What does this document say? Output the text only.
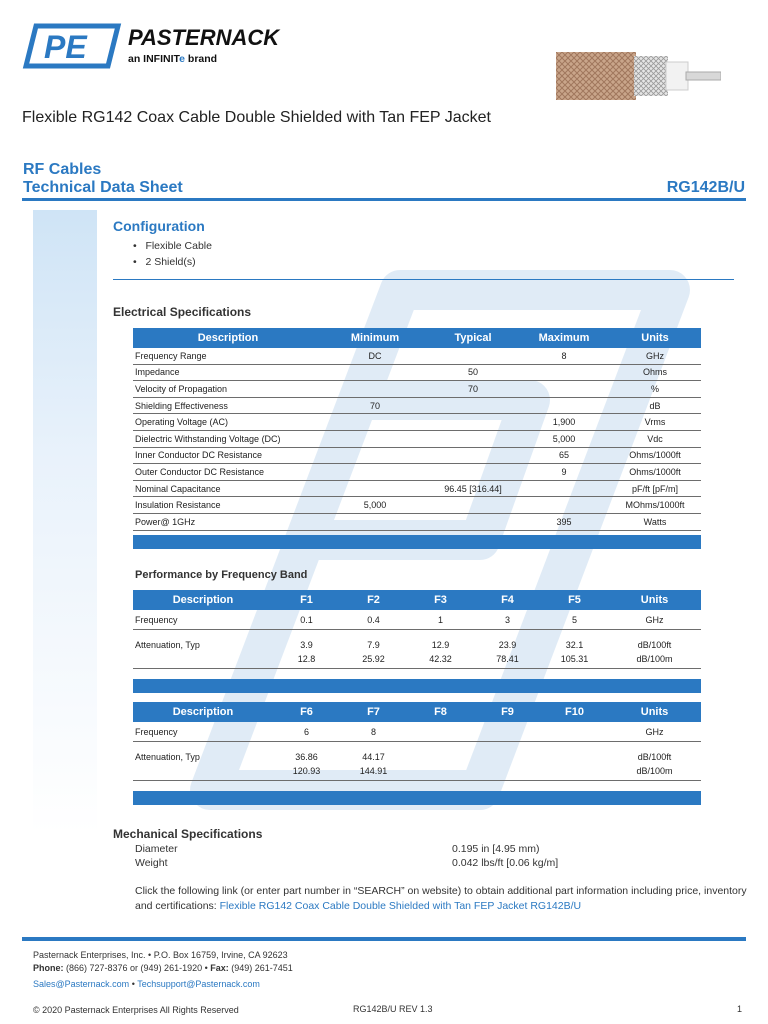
PE PASTERNACK
an INFINITe brand
Flexible RG142 Coax Cable Double Shielded with Tan FEP Jacket
RF Cables
Technical Data Sheet	RG142B/U
Configuration
•   Flexible Cable
•   2 Shield(s)
Electrical Specifications
Description	Minimum	Typical	Maximum	Units
Frequency Range	DC		8	GHz
Impedance		50		Ohms
Velocity of Propagation		70		%
Shielding Effectiveness	70			dB
Operating Voltage (AC)			1,900	Vrms
Dielectric Withstanding Voltage (DC)			5,000	Vdc
Inner Conductor DC Resistance			65	Ohms/1000ft
Outer Conductor DC Resistance			9	Ohms/1000ft
Nominal Capacitance		96.45 [316.44]		pF/ft [pF/m]
Insulation Resistance	5,000			MOhms/1000ft
Power@ 1GHz			395	Watts
Performance by Frequency Band
Description	F1	F2	F3	F4	F5	Units
Frequency	0.1	0.4	1	3	5	GHz
Attenuation, Typ	3.9	7.9	12.9	23.9	32.1	dB/100ft
	12.8	25.92	42.32	78.41	105.31	dB/100m
Description	F6	F7	F8	F9	F10	Units
Frequency	6	8				GHz
Attenuation, Typ	36.86	44.17				dB/100ft
	120.93	144.91				dB/100m
Mechanical Specifications
Diameter	0.195 in [4.95 mm)
Weight	0.042 lbs/ft [0.06 kg/m]
Click the following link (or enter part number in “SEARCH” on website) to obtain additional part information including price, inventory and certifications: Flexible RG142 Coax Cable Double Shielded with Tan FEP Jacket RG142B/U
Pasternack Enterprises, Inc. • P.O. Box 16759, Irvine, CA 92623
Phone: (866) 727-8376 or (949) 261-1920 • Fax: (949) 261-7451
Sales@Pasternack.com • Techsupport@Pasternack.com
© 2020 Pasternack Enterprises All Rights Reserved	RG142B/U REV 1.3	1
